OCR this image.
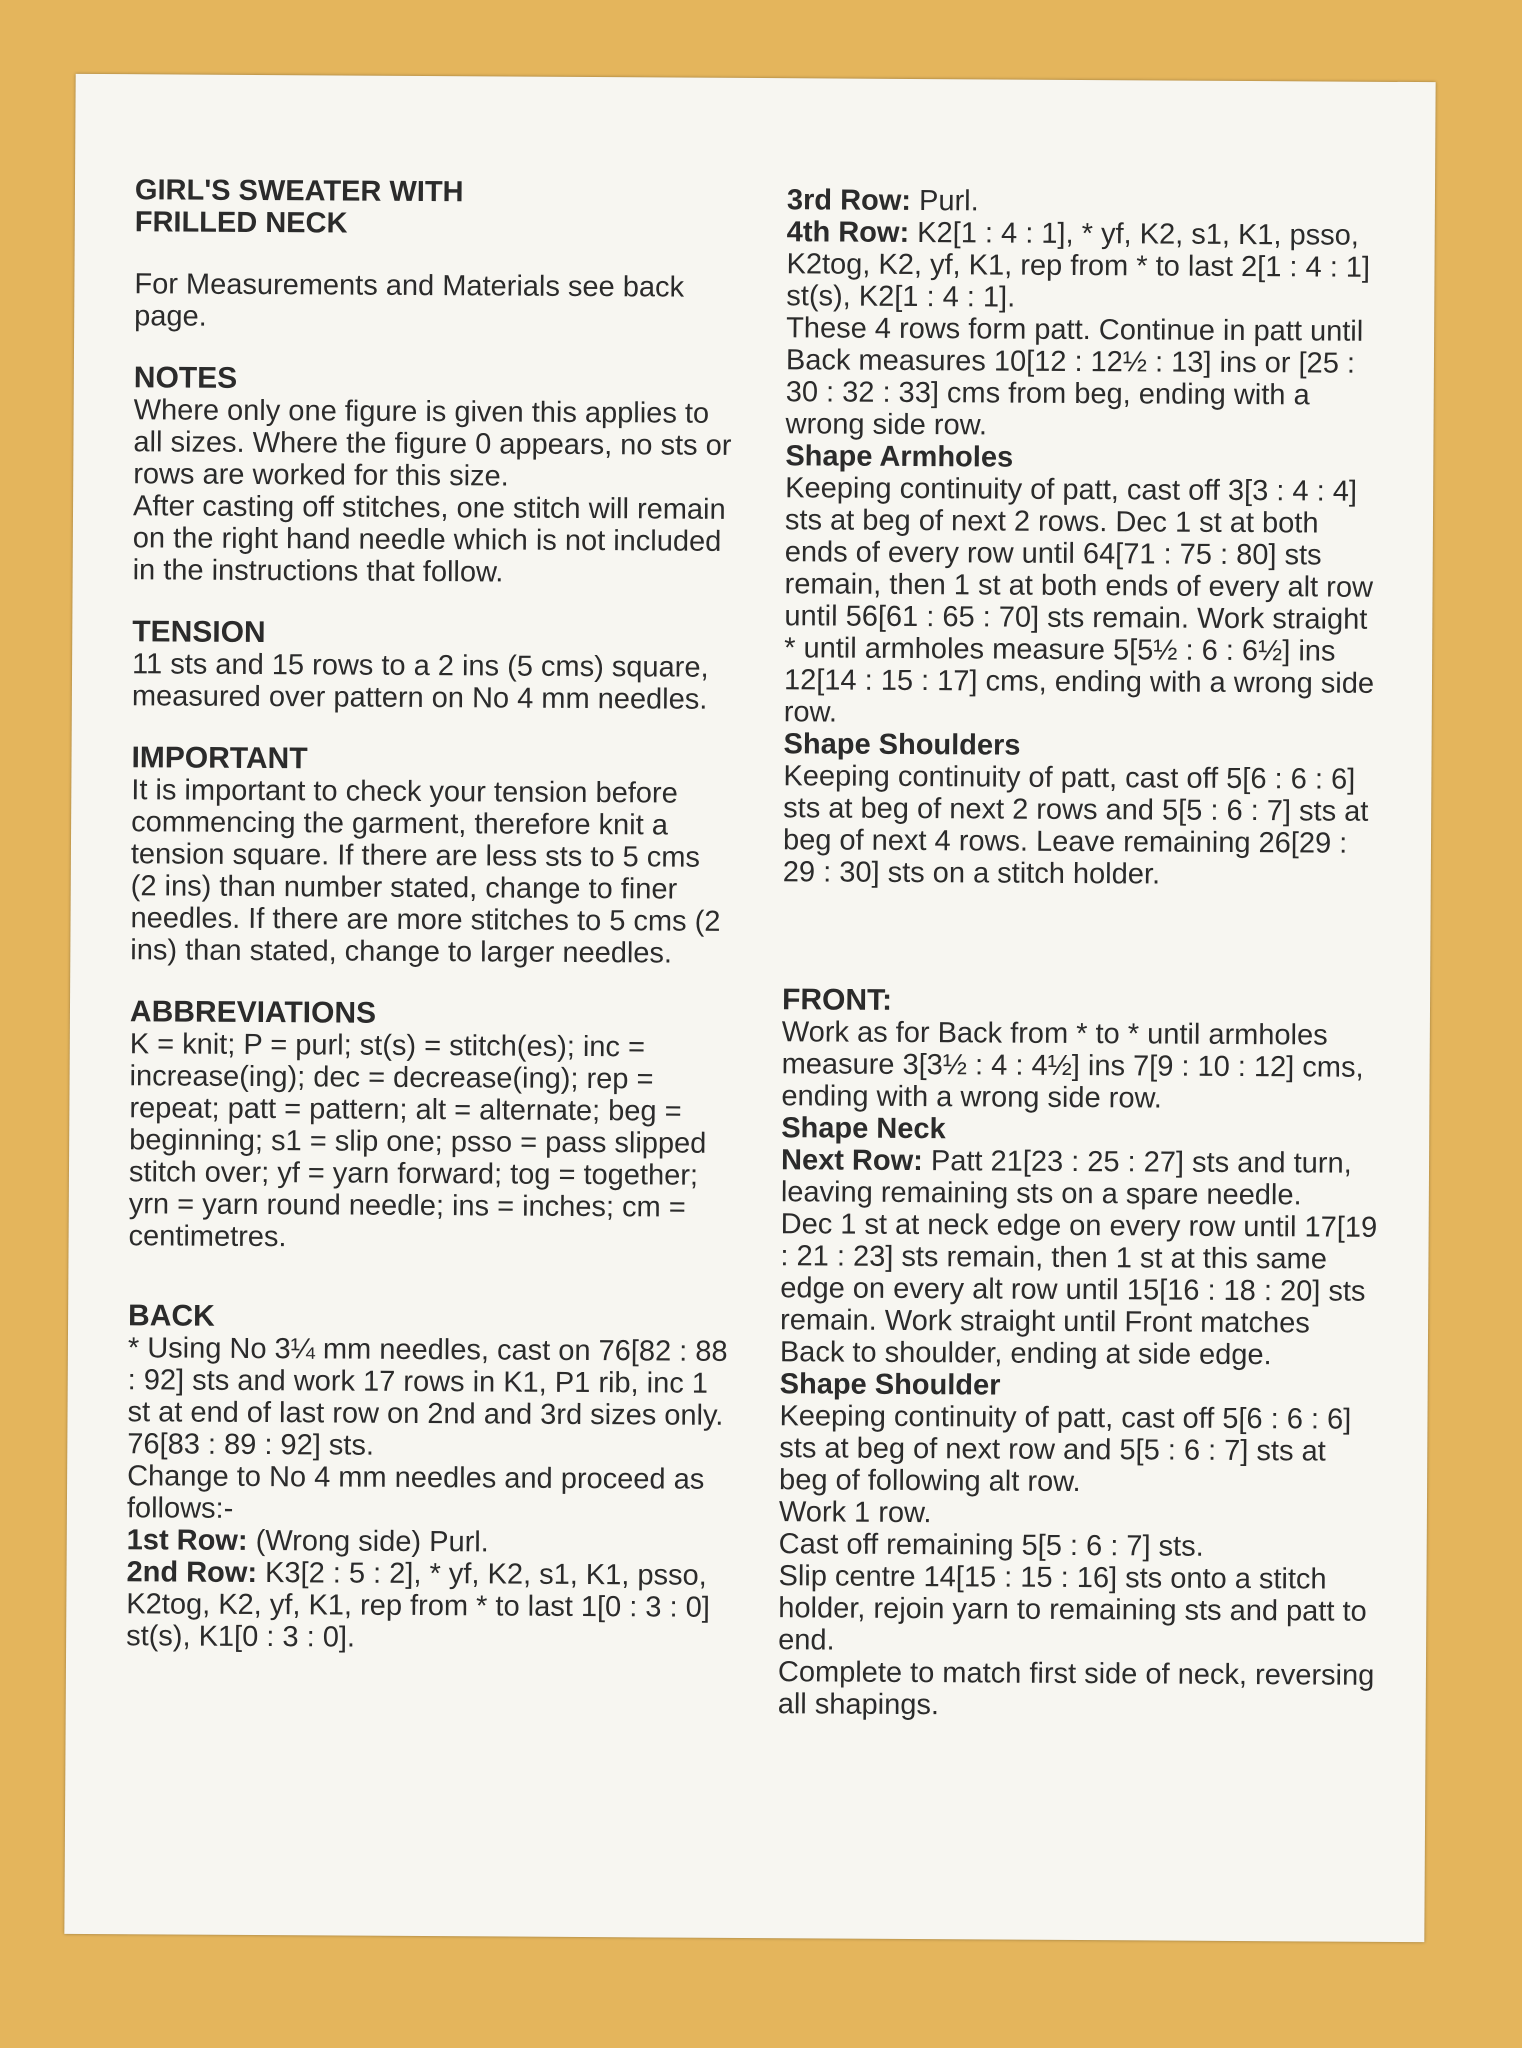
GIRL'S SWEATER WITH
FRILLED NECK

For Measurements and Materials see back page.

NOTES

Where only one figure is given this applies to all sizes. Where the figure 0 appears, no sts or rows are worked for this size.

After casting off stitches, one stitch will remain on the right hand needle which is not included in the instructions that follow.

TENSION

11 sts and 15 rows to a 2 ins (5 cms) square, measured over pattern on No 4 mm needles.

IMPORTANT

It is important to check your tension before commencing the garment, therefore knit a tension square. If there are less sts to 5 cms (2 ins) than number stated, change to finer needles. If there are more stitches to 5 cms (2 ins) than stated, change to larger needles.

ABBREVIATIONS

K = knit; P = purl; st(s) = stitch(es); inc = increase(ing); dec = decrease(ing); rep = repeat; patt = pattern; alt = alternate; beg = beginning; s1 = slip one; psso = pass slipped stitch over; yf = yarn forward; tog = together; yrn = yarn round needle; ins = inches; cm = centimetres.

BACK

* Using No 3¼ mm needles, cast on 76[82 : 88 : 92] sts and work 17 rows in K1, P1 rib, inc 1 st at end of last row on 2nd and 3rd sizes only. 76[83 : 89 : 92] sts.

Change to No 4 mm needles and proceed as follows:-

1st Row: (Wrong side) Purl.

2nd Row: K3[2 : 5 : 2], * yf, K2, s1, K1, psso, K2tog, K2, yf, K1, rep from * to last 1[0 : 3 : 0] st(s), K1[0 : 3 : 0].

3rd Row: Purl.

4th Row: K2[1 : 4 : 1], * yf, K2, s1, K1, psso, K2tog, K2, yf, K1, rep from * to last 2[1 : 4 : 1] st(s), K2[1 : 4 : 1].

These 4 rows form patt. Continue in patt until Back measures 10[12 : 12½ : 13] ins or [25 : 30 : 32 : 33] cms from beg, ending with a wrong side row.

Shape Armholes

Keeping continuity of patt, cast off 3[3 : 4 : 4] sts at beg of next 2 rows. Dec 1 st at both ends of every row until 64[71 : 75 : 80] sts remain, then 1 st at both ends of every alt row until 56[61 : 65 : 70] sts remain. Work straight * until armholes measure 5[5½ : 6 : 6½] ins 12[14 : 15 : 17] cms, ending with a wrong side row.

Shape Shoulders

Keeping continuity of patt, cast off 5[6 : 6 : 6] sts at beg of next 2 rows and 5[5 : 6 : 7] sts at beg of next 4 rows. Leave remaining 26[29 : 29 : 30] sts on a stitch holder.

FRONT:

Work as for Back from * to * until armholes measure 3[3½ : 4 : 4½] ins 7[9 : 10 : 12] cms, ending with a wrong side row.

Shape Neck

Next Row: Patt 21[23 : 25 : 27] sts and turn, leaving remaining sts on a spare needle.

Dec 1 st at neck edge on every row until 17[19 : 21 : 23] sts remain, then 1 st at this same edge on every alt row until 15[16 : 18 : 20] sts remain. Work straight until Front matches Back to shoulder, ending at side edge.

Shape Shoulder

Keeping continuity of patt, cast off 5[6 : 6 : 6] sts at beg of next row and 5[5 : 6 : 7] sts at beg of following alt row.

Work 1 row.

Cast off remaining 5[5 : 6 : 7] sts.

Slip centre 14[15 : 15 : 16] sts onto a stitch holder, rejoin yarn to remaining sts and patt to end.

Complete to match first side of neck, reversing all shapings.
